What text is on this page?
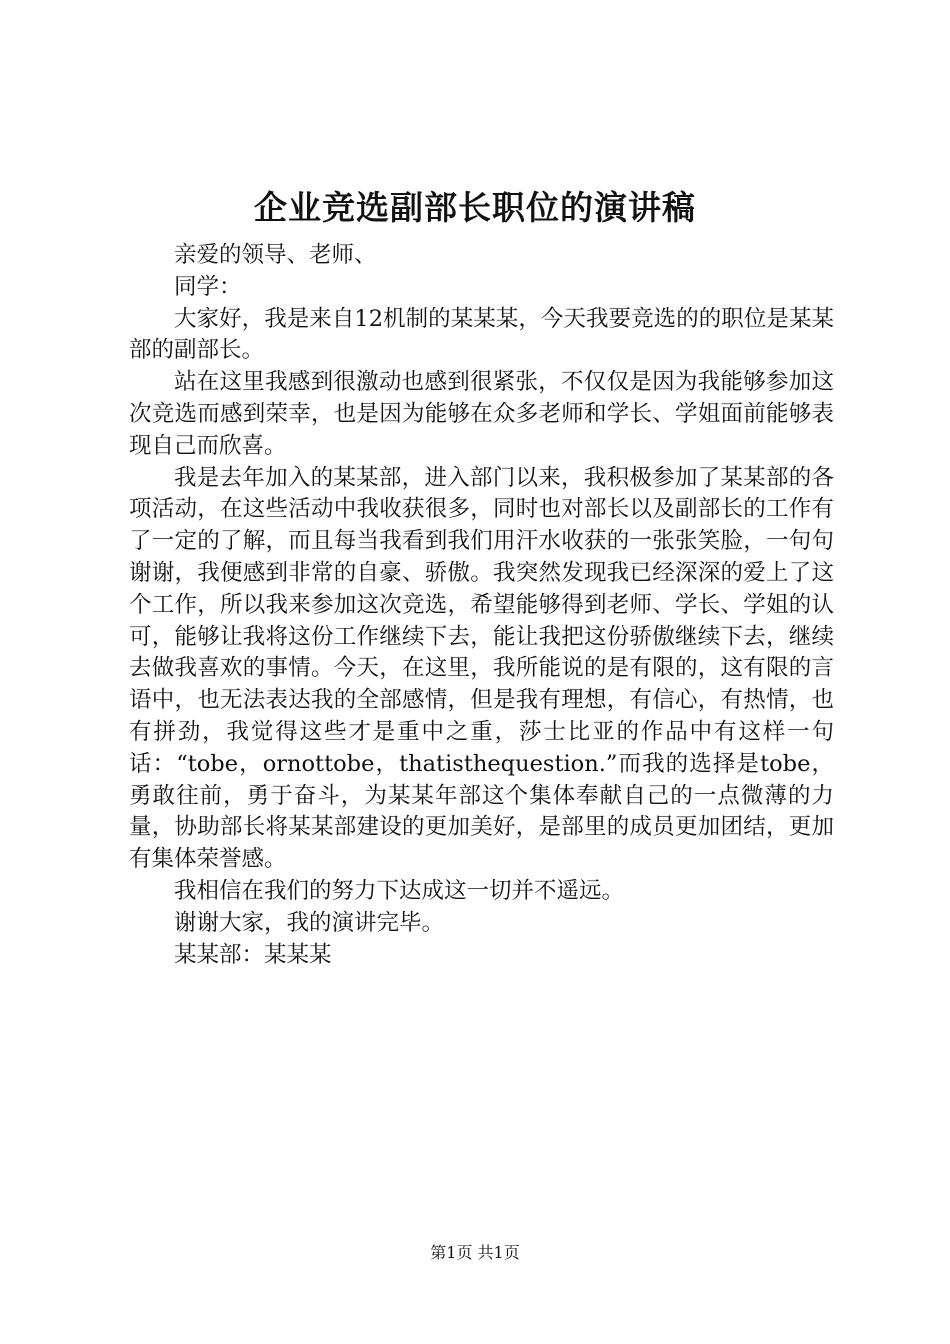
企业竞选副部长职位的演讲稿

亲爱的领导、老师、

同学：

大家好，我是来自12机制的某某某，今天我要竞选的的职位是某某部的副部长。

站在这里我感到很激动也感到很紧张，不仅仅是因为我能够参加这次竞选而感到荣幸，也是因为能够在众多老师和学长、学姐面前能够表现自己而欣喜。

我是去年加入的某某部，进入部门以来，我积极参加了某某部的各项活动，在这些活动中我收获很多，同时也对部长以及副部长的工作有了一定的了解，而且每当我看到我们用汗水收获的一张张笑脸，一句句谢谢，我便感到非常的自豪、骄傲。我突然发现我已经深深的爱上了这个工作，所以我来参加这次竞选，希望能够得到老师、学长、学姐的认可，能够让我将这份工作继续下去，能让我把这份骄傲继续下去，继续去做我喜欢的事情。今天，在这里，我所能说的是有限的，这有限的言语中，也无法表达我的全部感情，但是我有理想，有信心，有热情，也有拼劲，我觉得这些才是重中之重，莎士比亚的作品中有这样一句话：“tobe，ornottobe，thatisthequestion.”而我的选择是tobe，勇敢往前，勇于奋斗，为某某年部这个集体奉献自己的一点微薄的力量，协助部长将某某部建设的更加美好，是部里的成员更加团结，更加有集体荣誉感。

我相信在我们的努力下达成这一切并不遥远。

谢谢大家，我的演讲完毕。

某某部：某某某

第1页 共1页
